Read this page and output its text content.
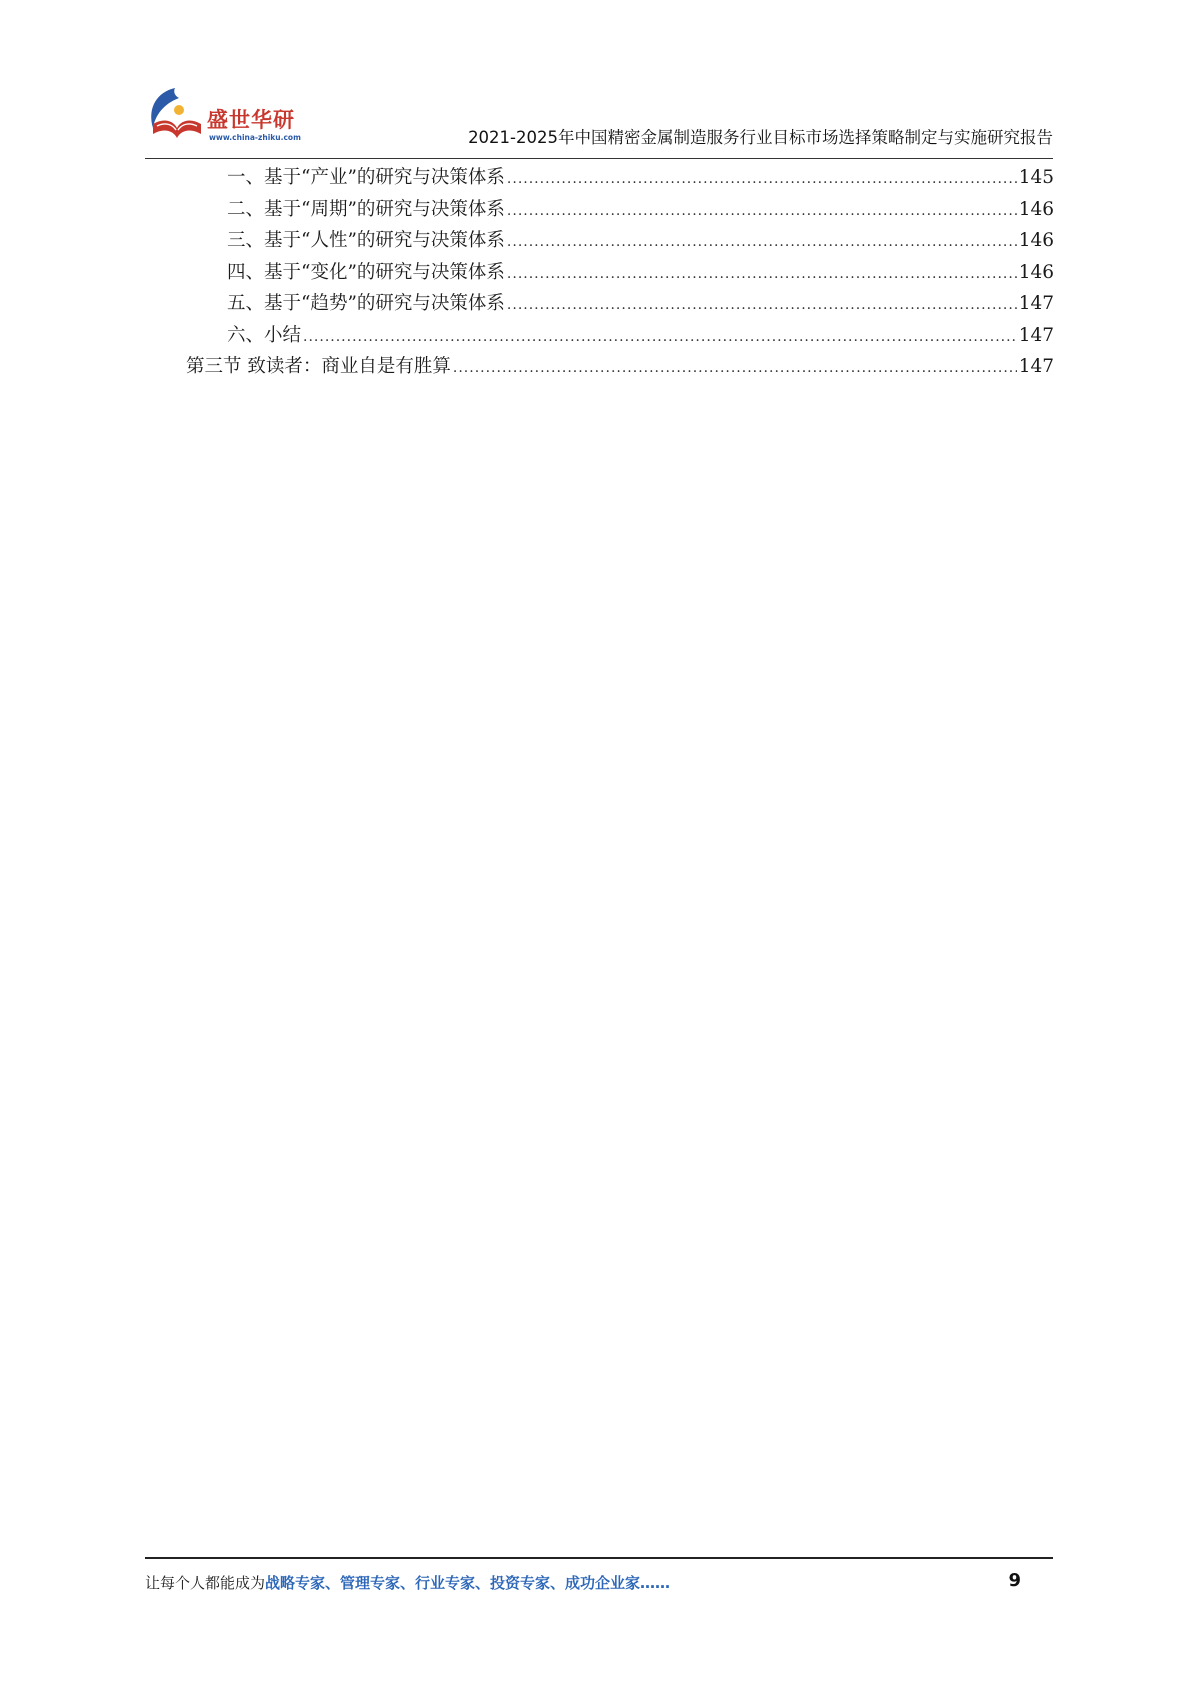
盛世华研
www.china-zhiku.com	2021-2025年中国精密金属制造服务行业目标市场选择策略制定与实施研究报告
一、基于“产业”的研究与决策体系 .....	145
二、基于“周期”的研究与决策体系 .....	146
三、基于“人性”的研究与决策体系 .....	146
四、基于“变化”的研究与决策体系 .....	146
五、基于“趋势”的研究与决策体系 .....	147
六、小结 .....	147
第三节 致读者：商业自是有胜算 .....	147
让每个人都能成为战略专家、管理专家、行业专家、投资专家、成功企业家……	9
